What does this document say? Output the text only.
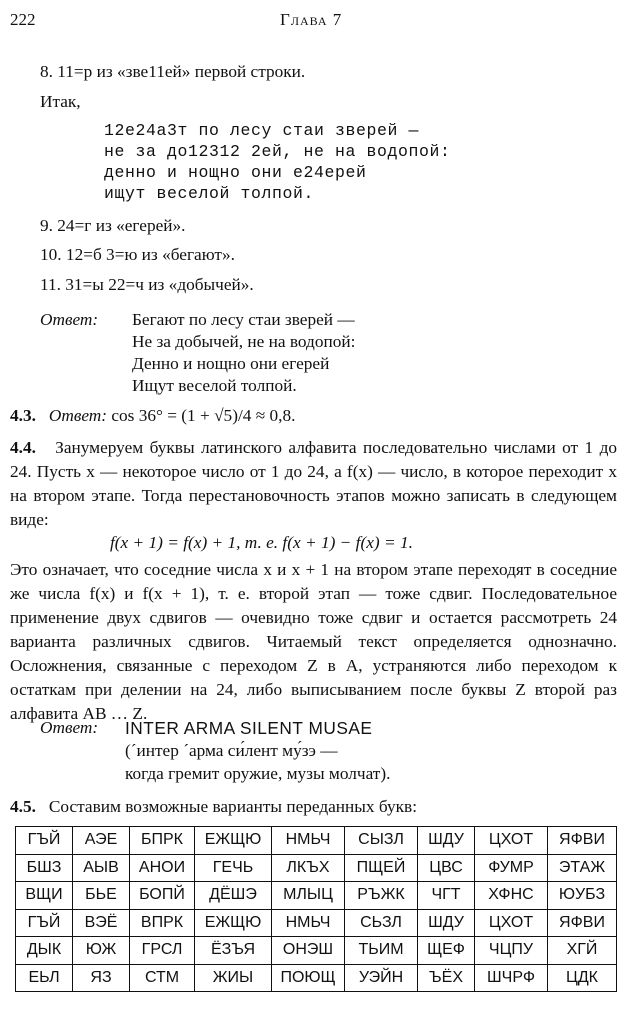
222	Глава 7
8. 11=р из «зве11ей» первой строки.
Итак,
12е24а3т по лесу стаи зверей —
не за до12312 2ей, не на водопой:
денно и нощно они е24ерей
ищут веселой толпой.
9. 24=г из «егерей».
10. 12=б 3=ю из «бегают».
11. 31=ы 22=ч из «добычей».
Ответ: Бегают по лесу стаи зверей —
Не за добычей, не на водопой:
Денно и нощно они егерей
Ищут веселой толпой.
4.3. Ответ: cos 36° = (1 + √5)/4 ≈ 0,8.
4.4. Занумеруем буквы латинского алфавита последовательно числами от 1 до 24. Пусть x — некоторое число от 1 до 24, а f(x) — число, в которое переходит x на втором этапе. Тогда перестановочность этапов можно записать в следующем виде:
f(x + 1) = f(x) + 1, т. е. f(x + 1) − f(x) = 1.
Это означает, что соседние числа x и x + 1 на втором этапе переходят в соседние же числа f(x) и f(x + 1), т. е. второй этап — тоже сдвиг. Последовательное применение двух сдвигов — очевидно тоже сдвиг и остается рассмотреть 24 варианта различных сдвигов. Читаемый текст определяется однозначно. Осложнения, связанные с переходом Z в A, устраняются либо переходом к остаткам при делении на 24, либо выписыванием после буквы Z второй раз алфавита AB … Z.
Ответ: INTER ARMA SILENT MUSAE
(´интер ´арма си́лент му́зэ —
когда гремит оружие, музы молчат).
4.5. Составим возможные варианты переданных букв:
ГЪЙ	АЭЕ	БПРК	ЕЖЩЮ	НМЬЧ	СЫЗЛ	ШДУ	ЦХОТ	ЯФВИ
БШЗ	АЫВ	АНОИ	ГЕЧЬ	ЛКЪХ	ПЩЕЙ	ЦВС	ФУМР	ЭТАЖ
ВЩИ	БЬЕ	БОПЙ	ДЁШЭ	МЛЫЦ	РЪЖК	ЧГТ	ХФНС	ЮУБЗ
ГЪЙ	ВЭЁ	ВПРК	ЕЖЩЮ	НМЬЧ	СЬЗЛ	ШДУ	ЦХОТ	ЯФВИ
ДЫК	ЮЖ	ГРСЛ	ЁЗЪЯ	ОНЭШ	ТЬИМ	ЩЕФ	ЧЦПУ	ХГЙ
ЕЬЛ	ЯЗ	СТМ	ЖИЫ	ПОЮЩ	УЭЙН	ЪЁХ	ШЧРФ	ЦДК
